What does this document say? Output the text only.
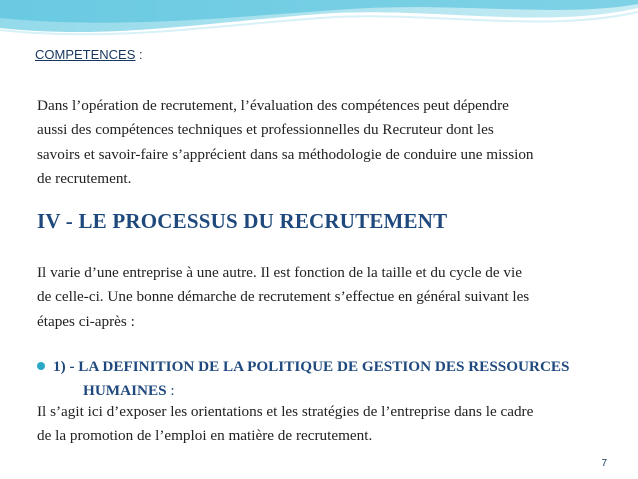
COMPETENCES :
Dans l’opération de recrutement, l’évaluation des compétences peut dépendre
aussi des compétences techniques et professionnelles du Recruteur dont les
savoirs et savoir-faire s’apprécient dans sa méthodologie de conduire une mission
de recrutement.
IV - LE PROCESSUS DU RECRUTEMENT
Il varie d’une entreprise à une autre. Il est fonction de la taille et du cycle de vie
de celle-ci. Une bonne démarche de recrutement s’effectue en général suivant les
étapes ci-après :
1) - LA DEFINITION DE LA POLITIQUE DE GESTION DES RESSOURCES
HUMAINES :
Il s’agit ici d’exposer les orientations et les stratégies de l’entreprise dans le cadre
de la promotion de l’emploi en matière de recrutement.
7
